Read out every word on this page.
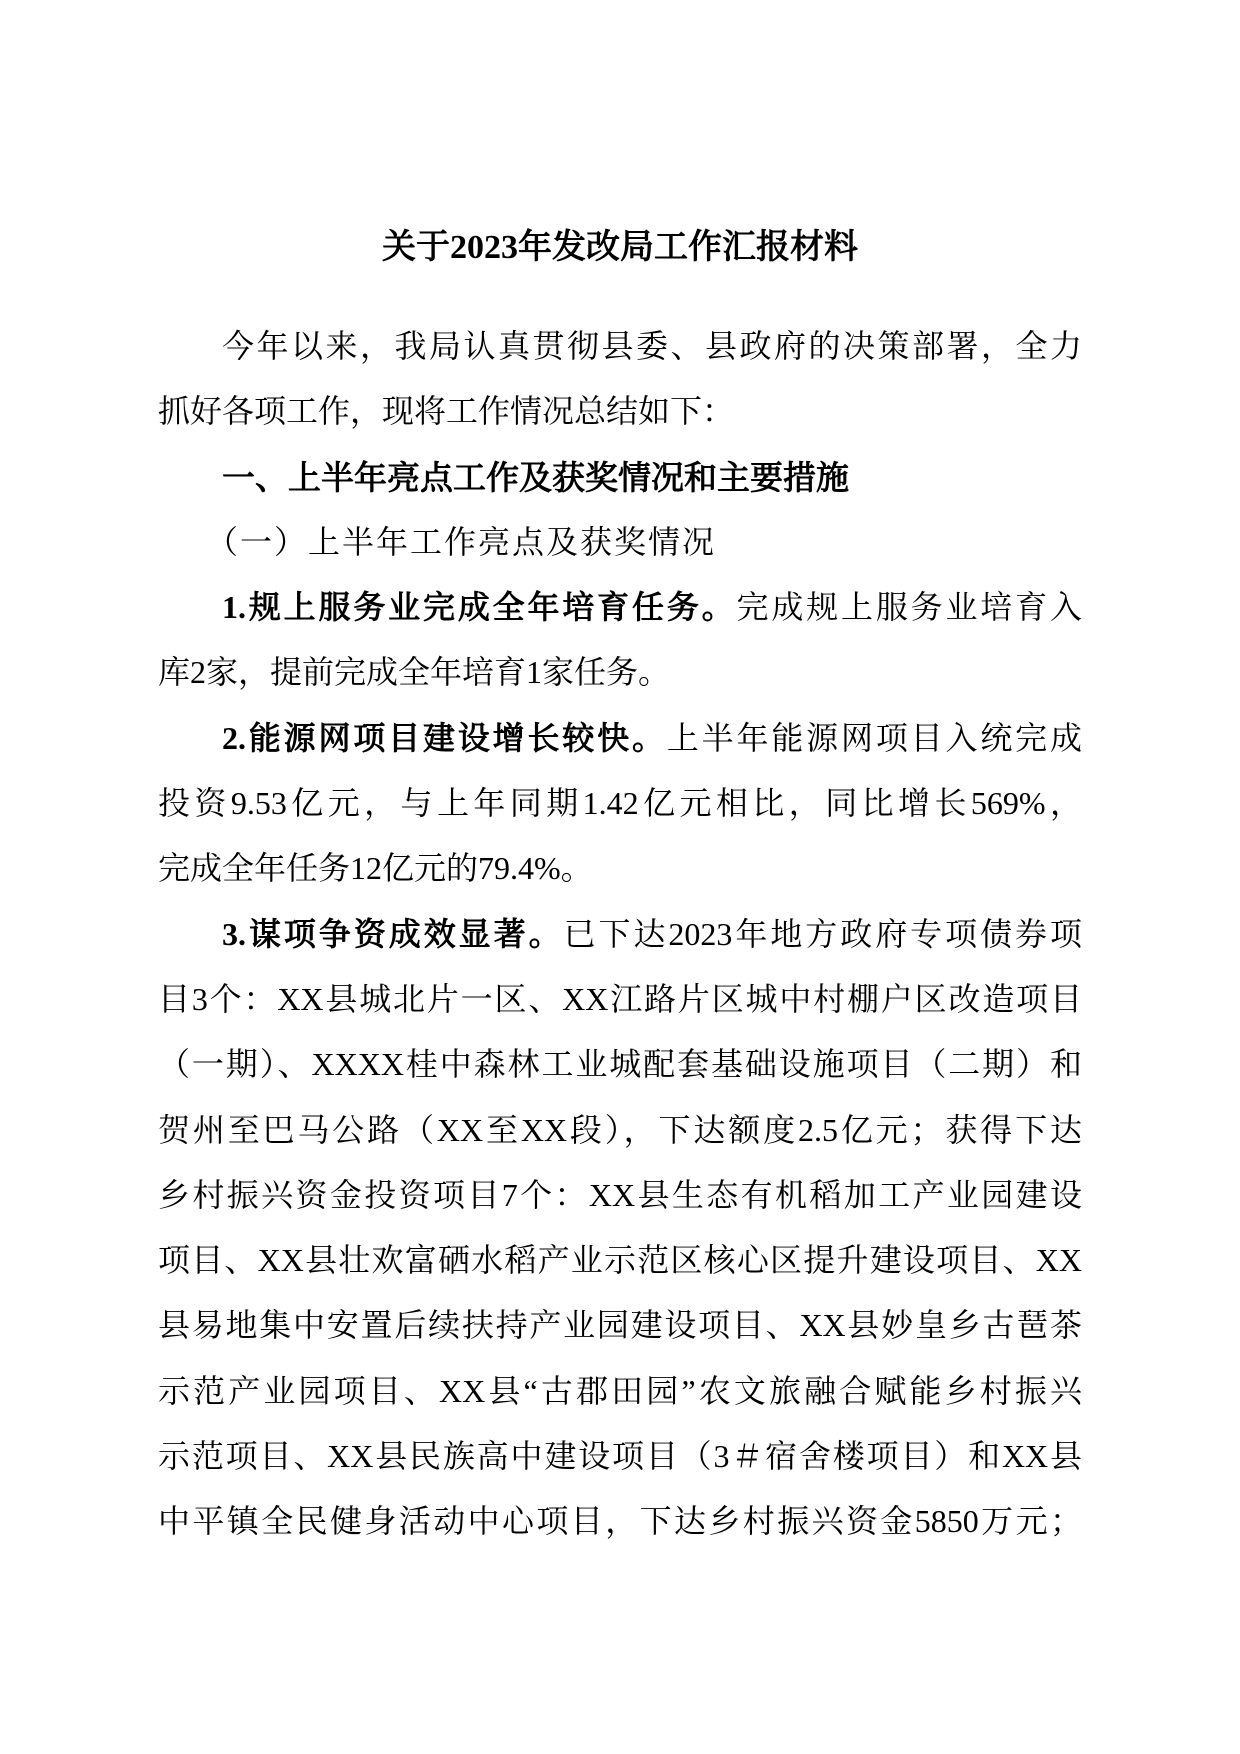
关于2023年发改局工作汇报材料
今年以来，我局认真贯彻县委、县政府的决策部署，全力
抓好各项工作，现将工作情况总结如下：
一、上半年亮点工作及获奖情况和主要措施
（一）上半年工作亮点及获奖情况
1.规上服务业完成全年培育任务。完成规上服务业培育入
库2家，提前完成全年培育1家任务。
2.能源网项目建设增长较快。上半年能源网项目入统完成
投资9.53亿元，与上年同期1.42亿元相比，同比增长569%，
完成全年任务12亿元的79.4%。
3.谋项争资成效显著。已下达2023年地方政府专项债券项
目3个：XX县城北片一区、XX江路片区城中村棚户区改造项目
（一期）、XXXX桂中森林工业城配套基础设施项目（二期）和
贺州至巴马公路（XX至XX段），下达额度2.5亿元；获得下达
乡村振兴资金投资项目7个：XX县生态有机稻加工产业园建设
项目、XX县壮欢富硒水稻产业示范区核心区提升建设项目、XX
县易地集中安置后续扶持产业园建设项目、XX县妙皇乡古琶茶
示范产业园项目、XX县“古郡田园”农文旅融合赋能乡村振兴
示范项目、XX县民族高中建设项目（3＃宿舍楼项目）和XX县
中平镇全民健身活动中心项目，下达乡村振兴资金5850万元；
